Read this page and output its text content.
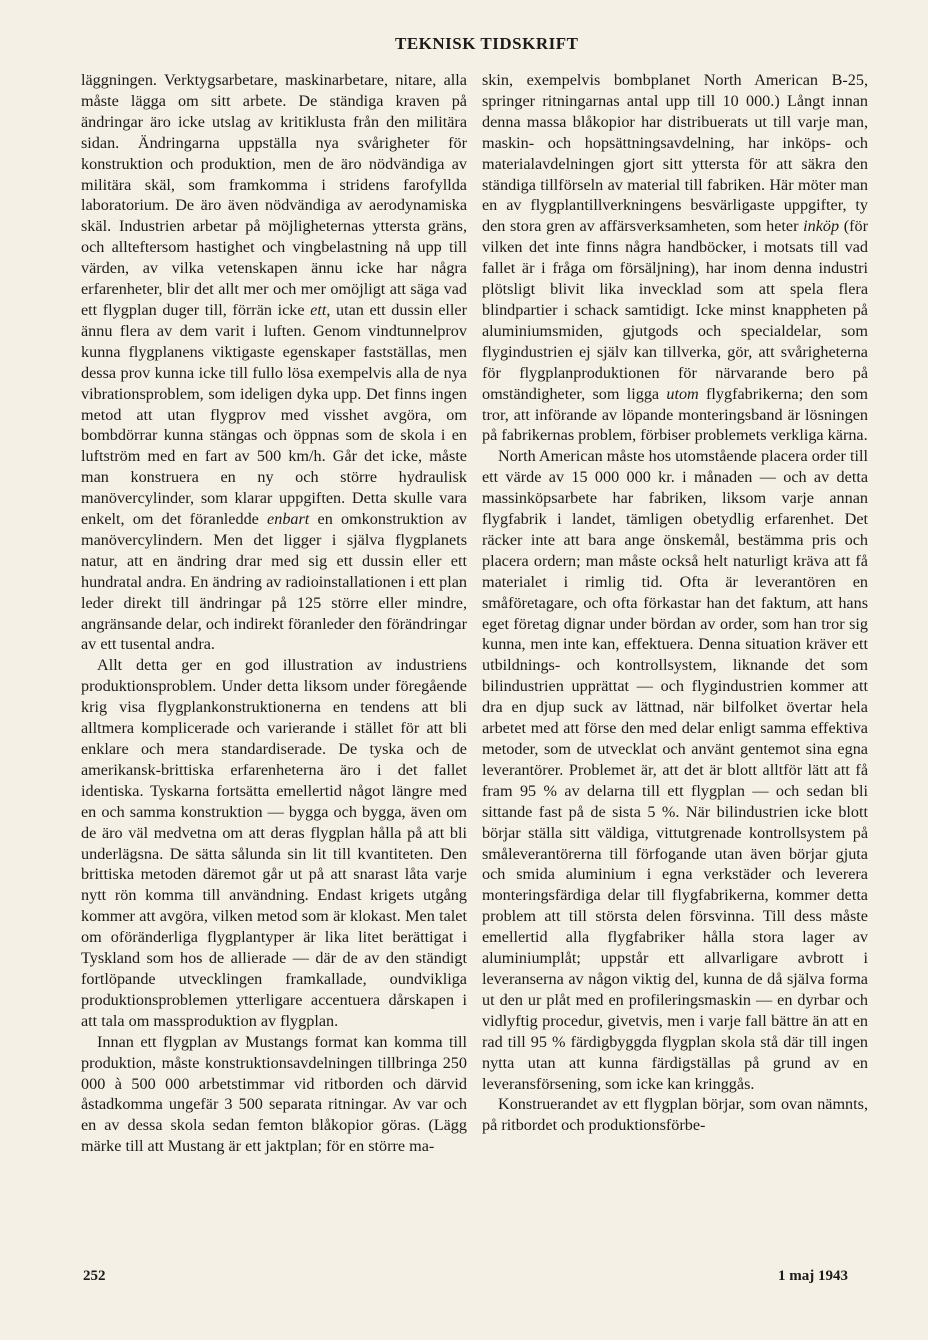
TEKNISK TIDSKRIFT

läggningen. Verktygsarbetare, maskinarbetare, nitare, alla måste lägga om sitt arbete. De ständiga kraven på ändringar äro icke utslag av kritiklusta från den militära sidan. Ändringarna uppställa nya svårigheter för konstruktion och produktion, men de äro nödvändiga av militära skäl, som framkomma i stridens farofyllda laboratorium. De äro även nödvändiga av aerodynamiska skäl. Industrien arbetar på möjligheternas yttersta gräns, och allteftersom hastighet och vingbelastning nå upp till värden, av vilka vetenskapen ännu icke har några erfarenheter, blir det allt mer och mer omöjligt att säga vad ett flygplan duger till, förrän icke ett, utan ett dussin eller ännu flera av dem varit i luften. Genom vindtunnelprov kunna flygplanens viktigaste egenskaper fastställas, men dessa prov kunna icke till fullo lösa exempelvis alla de nya vibrationsproblem, som ideligen dyka upp. Det finns ingen metod att utan flygprov med visshet avgöra, om bombdörrar kunna stängas och öppnas som de skola i en luftström med en fart av 500 km/h. Går det icke, måste man konstruera en ny och större hydraulisk manövercylinder, som klarar uppgiften. Detta skulle vara enkelt, om det föranledde enbart en omkonstruktion av manövercylindern. Men det ligger i själva flygplanets natur, att en ändring drar med sig ett dussin eller ett hundratal andra. En ändring av radioinstallationen i ett plan leder direkt till ändringar på 125 större eller mindre, angränsande delar, och indirekt föranleder den förändringar av ett tusental andra.

Allt detta ger en god illustration av industriens produktionsproblem. Under detta liksom under föregående krig visa flygplankonstruktionerna en tendens att bli alltmera komplicerade och varierande i stället för att bli enklare och mera standardiserade. De tyska och de amerikansk-brittiska erfarenheterna äro i det fallet identiska. Tyskarna fortsätta emellertid något längre med en och samma konstruktion — bygga och bygga, även om de äro väl medvetna om att deras flygplan hålla på att bli underlägsna. De sätta sålunda sin lit till kvantiteten. Den brittiska metoden däremot går ut på att snarast låta varje nytt rön komma till användning. Endast krigets utgång kommer att avgöra, vilken metod som är klokast. Men talet om oföränderliga flygplantyper är lika litet berättigat i Tyskland som hos de allierade — där de av den ständigt fortlöpande utvecklingen framkallade, oundvikliga produktionsproblemen ytterligare accentuera dårskapen i att tala om massproduktion av flygplan.

Innan ett flygplan av Mustangs format kan komma till produktion, måste konstruktionsavdelningen tillbringa 250 000 à 500 000 arbetstimmar vid ritborden och därvid åstadkomma ungefär 3 500 separata ritningar. Av var och en av dessa skola sedan femton blåkopior göras. (Lägg märke till att Mustang är ett jaktplan; för en större ma-

skin, exempelvis bombplanet North American B-25, springer ritningarnas antal upp till 10 000.) Långt innan denna massa blåkopior har distribuerats ut till varje man, maskin- och hopsättningsavdelning, har inköps- och materialavdelningen gjort sitt yttersta för att säkra den ständiga tillförseln av material till fabriken. Här möter man en av flygplantillverkningens besvärligaste uppgifter, ty den stora gren av affärsverksamheten, som heter inköp (för vilken det inte finns några handböcker, i motsats till vad fallet är i fråga om försäljning), har inom denna industri plötsligt blivit lika invecklad som att spela flera blindpartier i schack samtidigt. Icke minst knappheten på aluminiumsmiden, gjutgods och specialdelar, som flygindustrien ej själv kan tillverka, gör, att svårigheterna för flygplanproduktionen för närvarande bero på omständigheter, som ligga utom flygfabrikerna; den som tror, att införande av löpande monteringsband är lösningen på fabrikernas problem, förbiser problemets verkliga kärna.

North American måste hos utomstående placera order till ett värde av 15 000 000 kr. i månaden — och av detta massinköpsarbete har fabriken, liksom varje annan flygfabrik i landet, tämligen obetydlig erfarenhet. Det räcker inte att bara ange önskemål, bestämma pris och placera ordern; man måste också helt naturligt kräva att få materialet i rimlig tid. Ofta är leverantören en småföretagare, och ofta förkastar han det faktum, att hans eget företag dignar under bördan av order, som han tror sig kunna, men inte kan, effektuera. Denna situation kräver ett utbildnings- och kontrollsystem, liknande det som bilindustrien upprättat — och flygindustrien kommer att dra en djup suck av lättnad, när bilfolket övertar hela arbetet med att förse den med delar enligt samma effektiva metoder, som de utvecklat och använt gentemot sina egna leverantörer. Problemet är, att det är blott alltför lätt att få fram 95 % av delarna till ett flygplan — och sedan bli sittande fast på de sista 5 %. När bilindustrien icke blott börjar ställa sitt väldiga, vittutgrenade kontrollsystem på småleverantörerna till förfogande utan även börjar gjuta och smida aluminium i egna verkstäder och leverera monteringsfärdiga delar till flygfabrikerna, kommer detta problem att till största delen försvinna. Till dess måste emellertid alla flygfabriker hålla stora lager av aluminiumplåt; uppstår ett allvarligare avbrott i leveranserna av någon viktig del, kunna de då själva forma ut den ur plåt med en profileringsmaskin — en dyrbar och vidlyftig procedur, givetvis, men i varje fall bättre än att en rad till 95 % färdigbyggda flygplan skola stå där till ingen nytta utan att kunna färdigställas på grund av en leveransförsening, som icke kan kringgås.

Konstruerandet av ett flygplan börjar, som ovan nämnts, på ritbordet och produktionsförbe-

252	1 maj 1943
